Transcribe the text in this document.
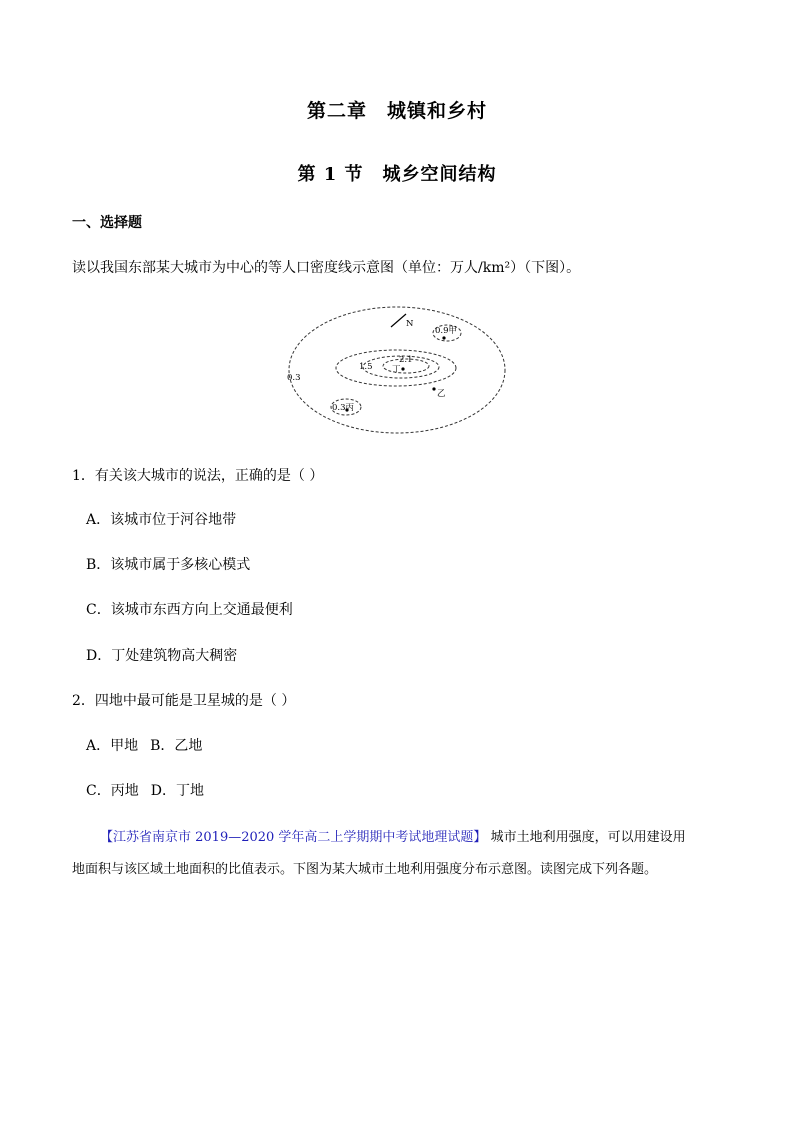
第二章　城镇和乡村
第 1 节　城乡空间结构
一、选择题
读以我国东部某大城市为中心的等人口密度线示意图（单位：万人/km²）（下图）。
N
0.9甲
0.3
1.5
2.1
丁
乙
0.3丙
1．有关该大城市的说法，正确的是（ ）
A．该城市位于河谷地带
B．该城市属于多核心模式
C．该城市东西方向上交通最便利
D．丁处建筑物高大稠密
2．四地中最可能是卫星城的是（ ）
A．甲地 B．乙地
C．丙地 D．丁地
【江苏省南京市 2019—2020 学年高二上学期期中考试地理试题】 城市土地利用强度，可以用建设用
地面积与该区域土地面积的比值表示。下图为某大城市土地利用强度分布示意图。读图完成下列各题。
